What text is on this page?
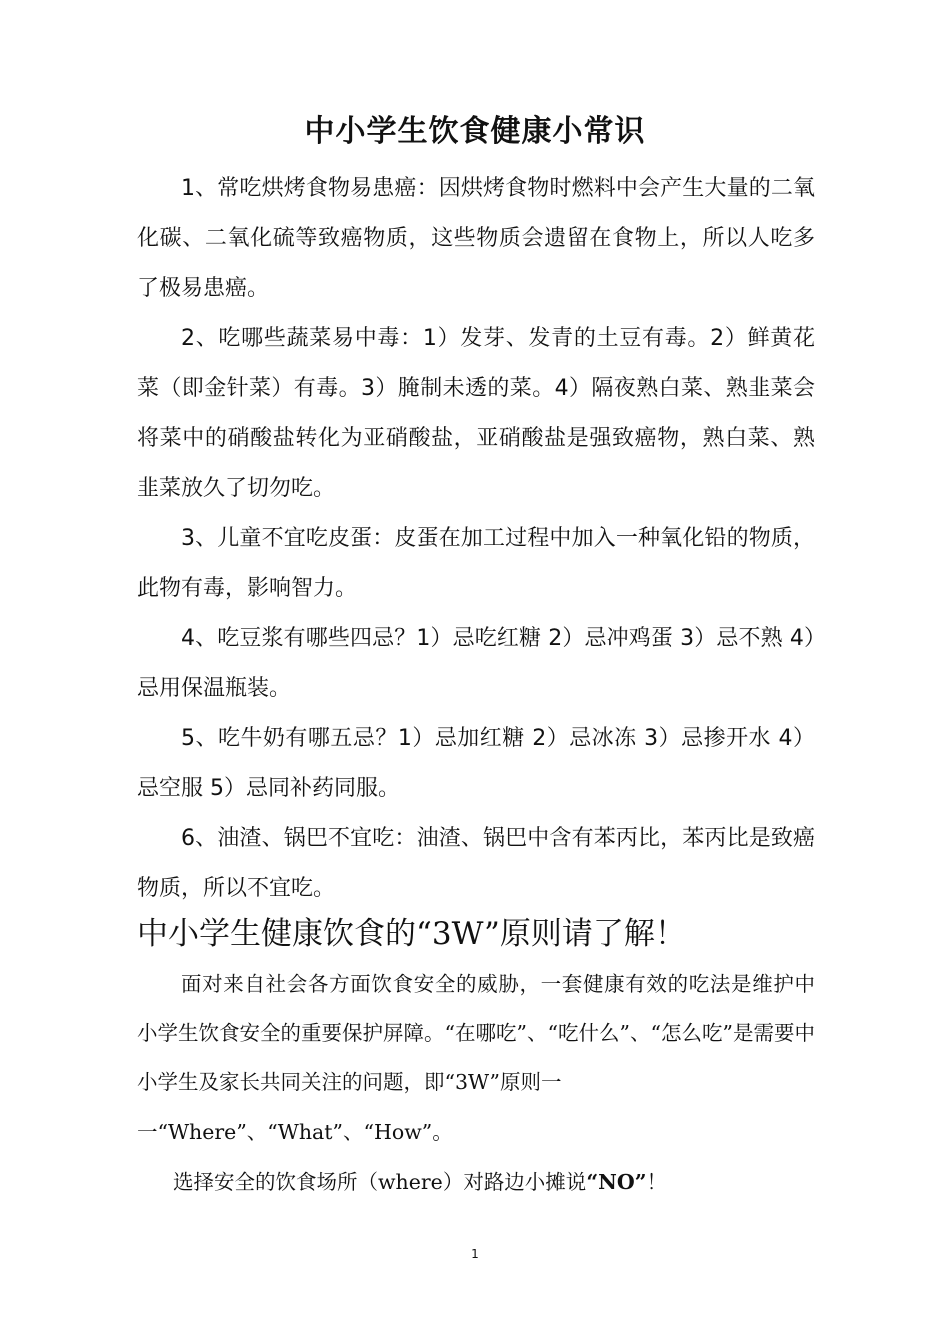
中小学生饮食健康小常识

1、常吃烘烤食物易患癌：因烘烤食物时燃料中会产生大量的二氧化碳、二氧化硫等致癌物质，这些物质会遗留在食物上，所以人吃多了极易患癌。

2、吃哪些蔬菜易中毒：1）发芽、发青的土豆有毒。2）鲜黄花菜（即金针菜）有毒。3）腌制未透的菜。4）隔夜熟白菜、熟韭菜会将菜中的硝酸盐转化为亚硝酸盐，亚硝酸盐是强致癌物，熟白菜、熟韭菜放久了切勿吃。

3、儿童不宜吃皮蛋：皮蛋在加工过程中加入一种氧化铅的物质，此物有毒，影响智力。

4、吃豆浆有哪些四忌？1）忌吃红糖 2）忌冲鸡蛋 3）忌不熟 4）忌用保温瓶装。

5、吃牛奶有哪五忌？1）忌加红糖 2）忌冰冻 3）忌掺开水 4）忌空服 5）忌同补药同服。

6、油渣、锅巴不宜吃：油渣、锅巴中含有苯丙比，苯丙比是致癌物质，所以不宜吃。

中小学生健康饮食的“3W”原则请了解！

面对来自社会各方面饮食安全的威胁，一套健康有效的吃法是维护中小学生饮食安全的重要保护屏障。“在哪吃”、“吃什么”、“怎么吃”是需要中小学生及家长共同关注的问题，即“3W”原则一

一“Where”、“What”、“How”。
选择安全的饮食场所（where）对路边小摊说“NO”！
1
